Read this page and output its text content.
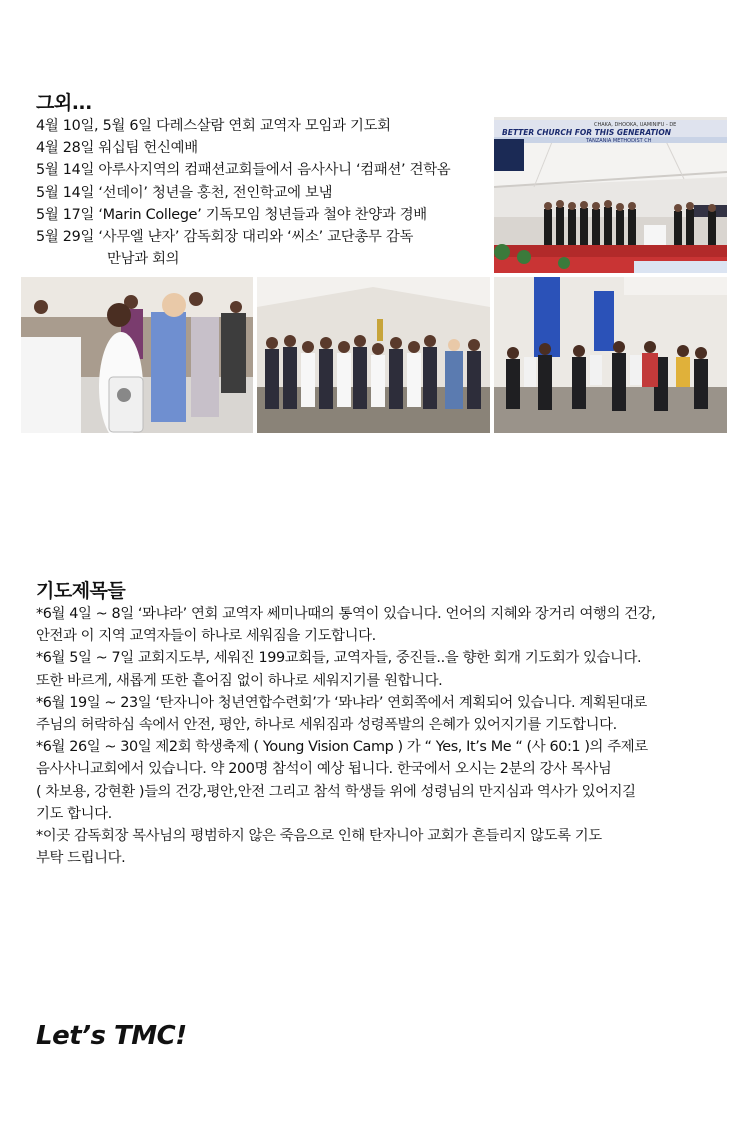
그외...
4월 10일, 5월 6일 다레스살람 연회 교역자 모임과 기도회
4월 28일 워십팀 헌신예배
5월 14일 아루사지역의 컴패션교회들에서 음사사니 ‘컴패션’ 견학옴
5월 14일 ‘선데이’ 청년을 홍천, 전인학교에 보냄
5월 17일 ‘Marin College’ 기독모임 청년들과 철야 찬양과 경배
5월 29일 ‘사무엘 냔자’ 감독회장 대리와 ‘씨소’ 교단총무 감독
만남과 회의
CHAKA, DHOOKA, UAMINIFU - DE
BETTER CHURCH FOR THIS GENERATION
TANZANIA METHODIST CH
기도제목들
*6월 4일 ~ 8일 ‘뫄냐라’ 연회 교역자 쎄미나때의 통역이 있습니다. 언어의 지혜와 장거리 여행의 건강,
안전과 이 지역 교역자들이 하나로 세워짐을 기도합니다.
*6월 5일 ~ 7일 교회지도부, 세워진 199교회들, 교역자들, 중진들..을 향한 회개 기도회가 있습니다.
또한 바르게, 새롭게 또한 흩어짐 없이 하나로 세워지기를 원합니다.
*6월 19일 ~ 23일 ‘탄자니아 청년연합수련회’가 ‘뫄냐라’ 연회쪽에서 계획되어 있습니다. 계획된대로
주님의 허락하심 속에서 안전, 평안, 하나로 세워짐과 성령폭발의 은혜가 있어지기를 기도합니다.
*6월 26일 ~ 30일 제2회 학생축제 ( Young Vision Camp ) 가 “ Yes, It’s Me “ (사 60:1 )의 주제로
음사사니교회에서 있습니다. 약 200명 참석이 예상 됩니다. 한국에서 오시는 2분의 강사 목사님
( 차보용, 강현환 )들의 건강,평안,안전 그리고 참석 학생들 위에 성령님의 만지심과 역사가 있어지길
기도 합니다.
*이곳 감독회장 목사님의 평범하지 않은 죽음으로 인해 탄자니아 교회가 흔들리지 않도록 기도
부탁 드립니다.
Let’s TMC!
